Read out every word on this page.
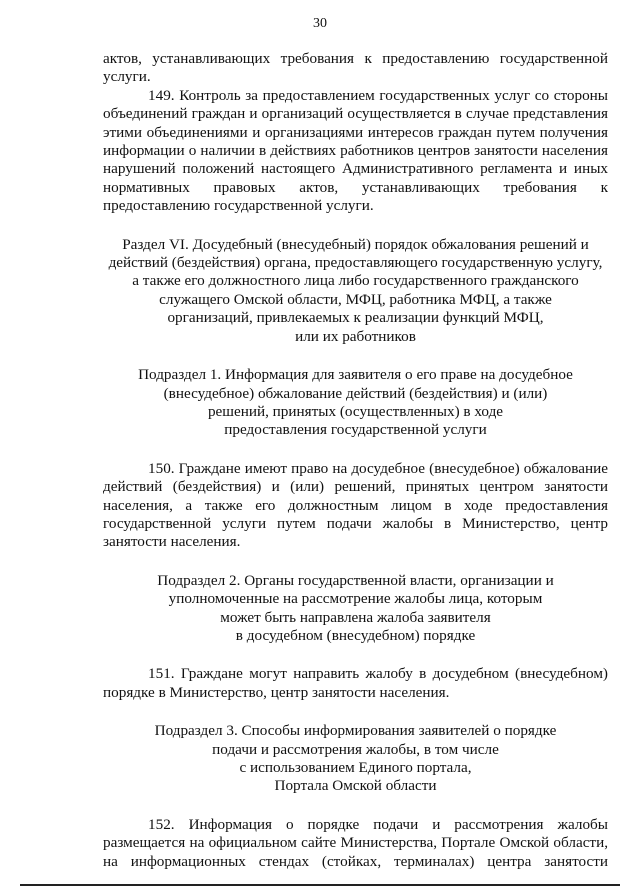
30

актов, устанавливающих требования к предоставлению государственной услуги.

149. Контроль за предоставлением государственных услуг со стороны объединений граждан и организаций осуществляется в случае представления этими объединениями и организациями интересов граждан путем получения информации о наличии в действиях работников центров занятости населения нарушений положений настоящего Административного регламента и иных нормативных правовых актов, устанавливающих требования к предоставлению государственной услуги.

Раздел VI. Досудебный (внесудебный) порядок обжалования решений и
действий (бездействия) органа, предоставляющего государственную услугу,
а также его должностного лица либо государственного гражданского
служащего Омской области, МФЦ, работника МФЦ, а также
организаций, привлекаемых к реализации функций МФЦ,
или их работников
Подраздел 1. Информация для заявителя о его праве на досудебное
(внесудебное) обжалование действий (бездействия) и (или)
решений, принятых (осуществленных) в ходе
предоставления государственной услуги

150. Граждане имеют право на досудебное (внесудебное) обжалование действий (бездействия) и (или) решений, принятых центром занятости населения, а также его должностным лицом в ходе предоставления государственной услуги путем подачи жалобы в Министерство, центр занятости населения.

Подраздел 2. Органы государственной власти, организации и
уполномоченные на рассмотрение жалобы лица, которым
может быть направлена жалоба заявителя
в досудебном (внесудебном) порядке

151. Граждане могут направить жалобу в досудебном (внесудебном) порядке в Министерство, центр занятости населения.

Подраздел 3. Способы информирования заявителей о порядке
подачи и рассмотрения жалобы, в том числе
с использованием Единого портала,
Портала Омской области

152. Информация о порядке подачи и рассмотрения жалобы размещается на официальном сайте Министерства, Портале Омской области, на информационных стендах (стойках, терминалах) центра занятости
